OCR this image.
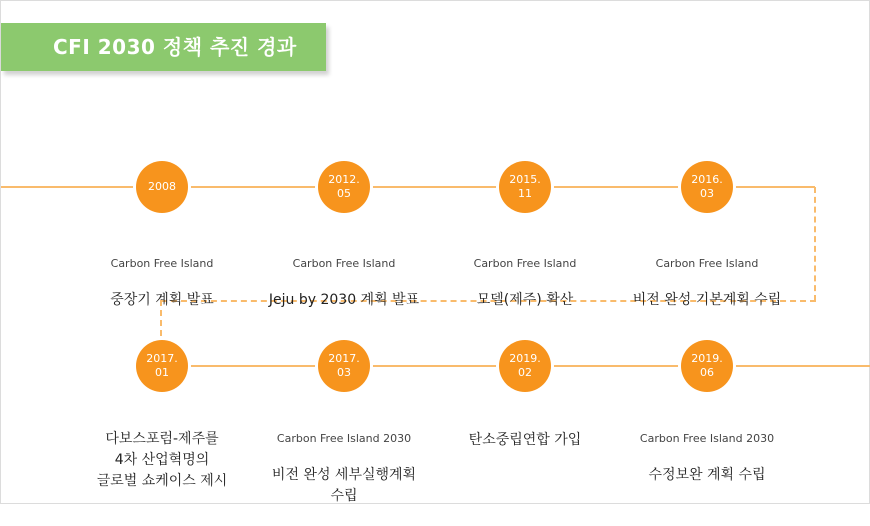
CFI 2030 정책 추진 경과
2008
2012.
05
2015.
11
2016.
03

Carbon Free Island

중장기 계획 발표

Carbon Free Island

Jeju by 2030 계획 발표

Carbon Free Island

모델(제주) 확산

Carbon Free Island

비전 완성 기본계획 수립

2017.
01
2017.
03
2019.
02
2019.
06

다보스포럼-제주를
4차 산업혁명의
글로벌 쇼케이스 제시

Carbon Free Island 2030

비전 완성 세부실행계획
수립

탄소중립연합 가입	Carbon Free Island 2030

수정보완 계획 수립
